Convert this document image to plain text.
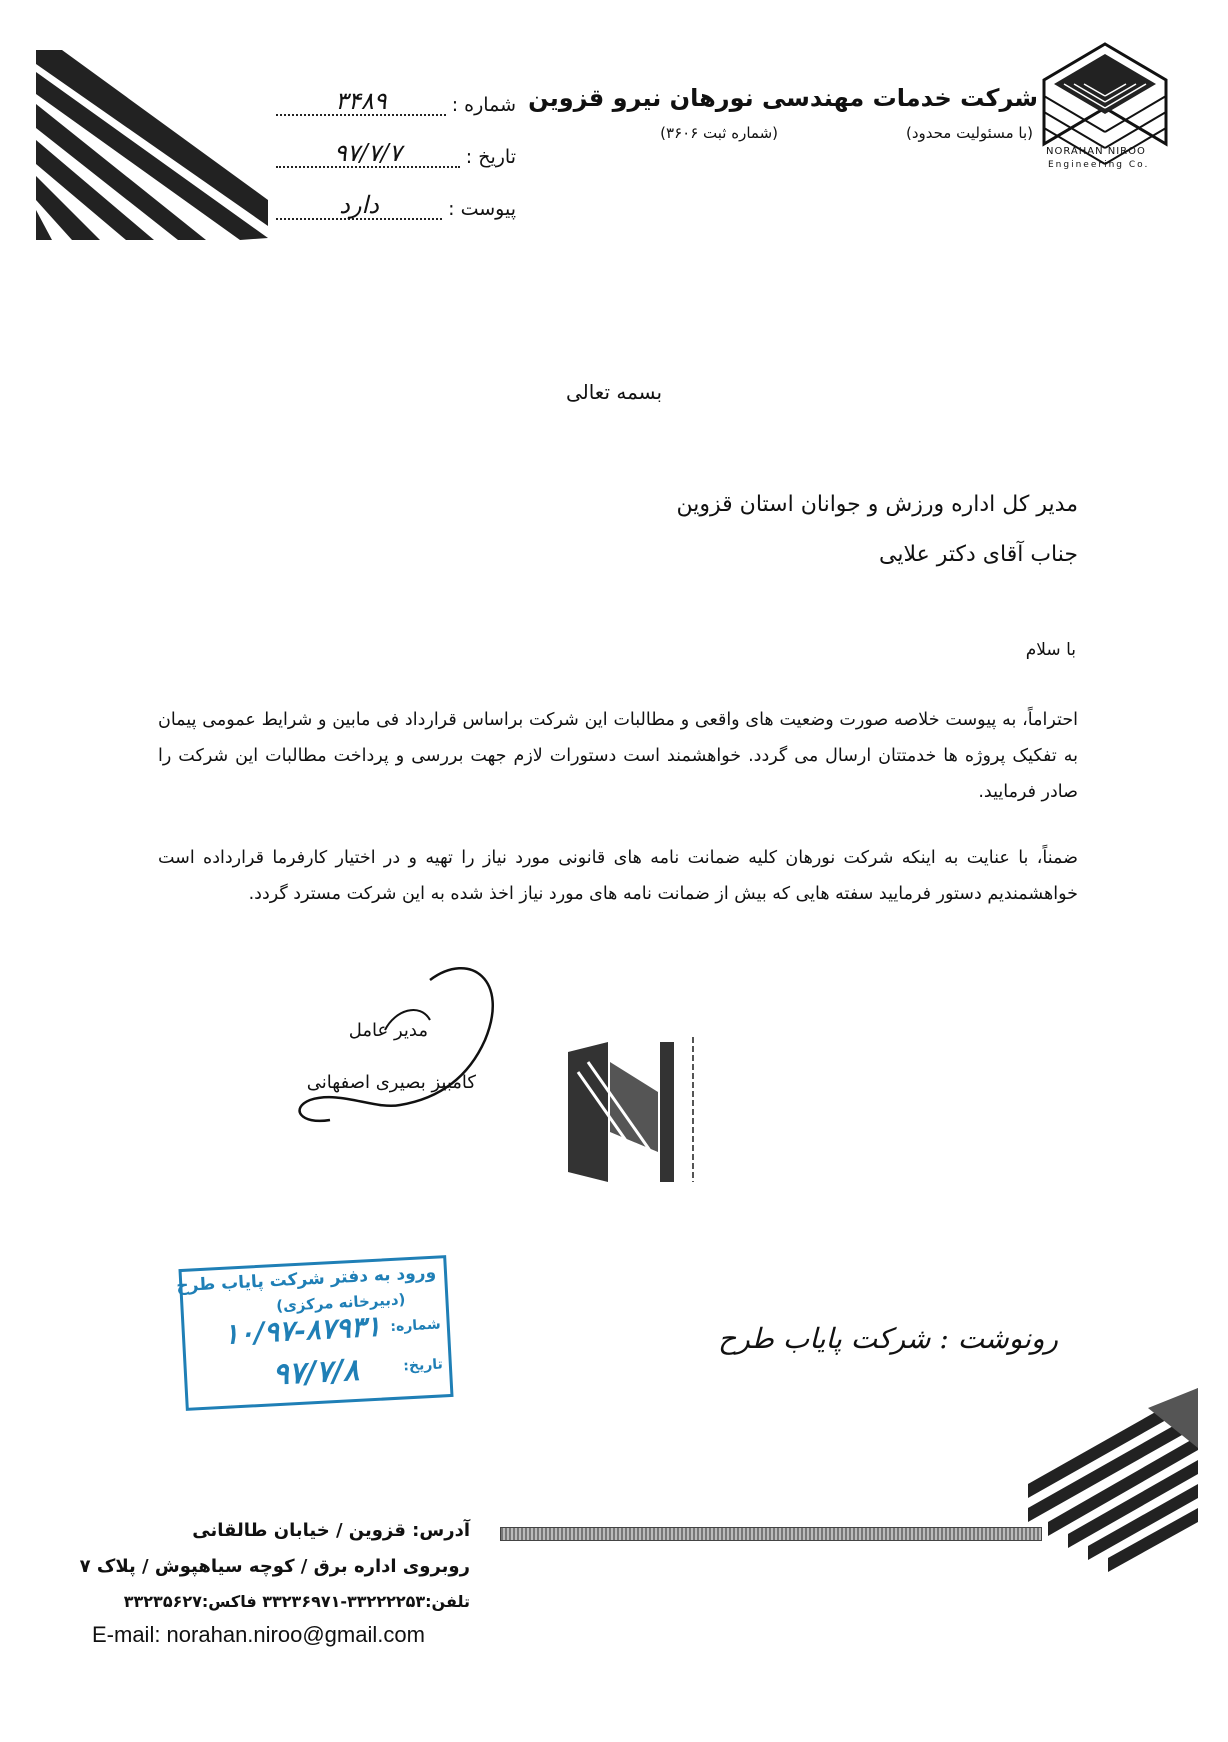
NORAHAN NIROO
Engineering Co.
شرکت خدمات مهندسی نورهان نیرو قزوین
(با مسئولیت محدود)
(شماره ثبت ۳۶۰۶)
شماره :
۳۴۸۹
تاریخ :
۹۷/۷/۷
پیوست :
دارد
بسمه تعالی
مدیر کل اداره ورزش و جوانان استان قزوین
جناب آقای دکتر علایی
با سلام
احتراماً، به پیوست خلاصه صورت وضعیت های واقعی و مطالبات این شرکت براساس قرارداد فی مابین و شرایط عمومی پیمان به تفکیک پروژه ها خدمتتان ارسال می گردد. خواهشمند است دستورات لازم جهت بررسی و پرداخت مطالبات این شرکت را صادر فرمایید.
ضمناً، با عنایت به اینکه شرکت نورهان کلیه ضمانت نامه های قانونی مورد نیاز را تهیه و در اختیار کارفرما قرارداده است خواهشمندیم دستور فرمایید سفته هایی که بیش از ضمانت نامه های مورد نیاز اخذ شده به این شرکت مسترد گردد.
مدیر عامل
کامبیز بصیری اصفهانی
ورود به دفتر شرکت پایاب طرح
(دبیرخانه مرکزی)
شماره:
۱۰/۹۷-۸۷۹۳۱
تاریخ:
۹۷/۷/۸
رونوشت : شرکت پایاب طرح
آدرس: قزوین / خیابان طالقانی
روبروی اداره برق / کوچه سیاهپوش / پلاک ۷
تلفن:۳۳۲۲۲۲۵۳-۳۳۲۳۶۹۷۱ فاکس:۳۳۲۳۵۶۲۷
E-mail: norahan.niroo@gmail.com
